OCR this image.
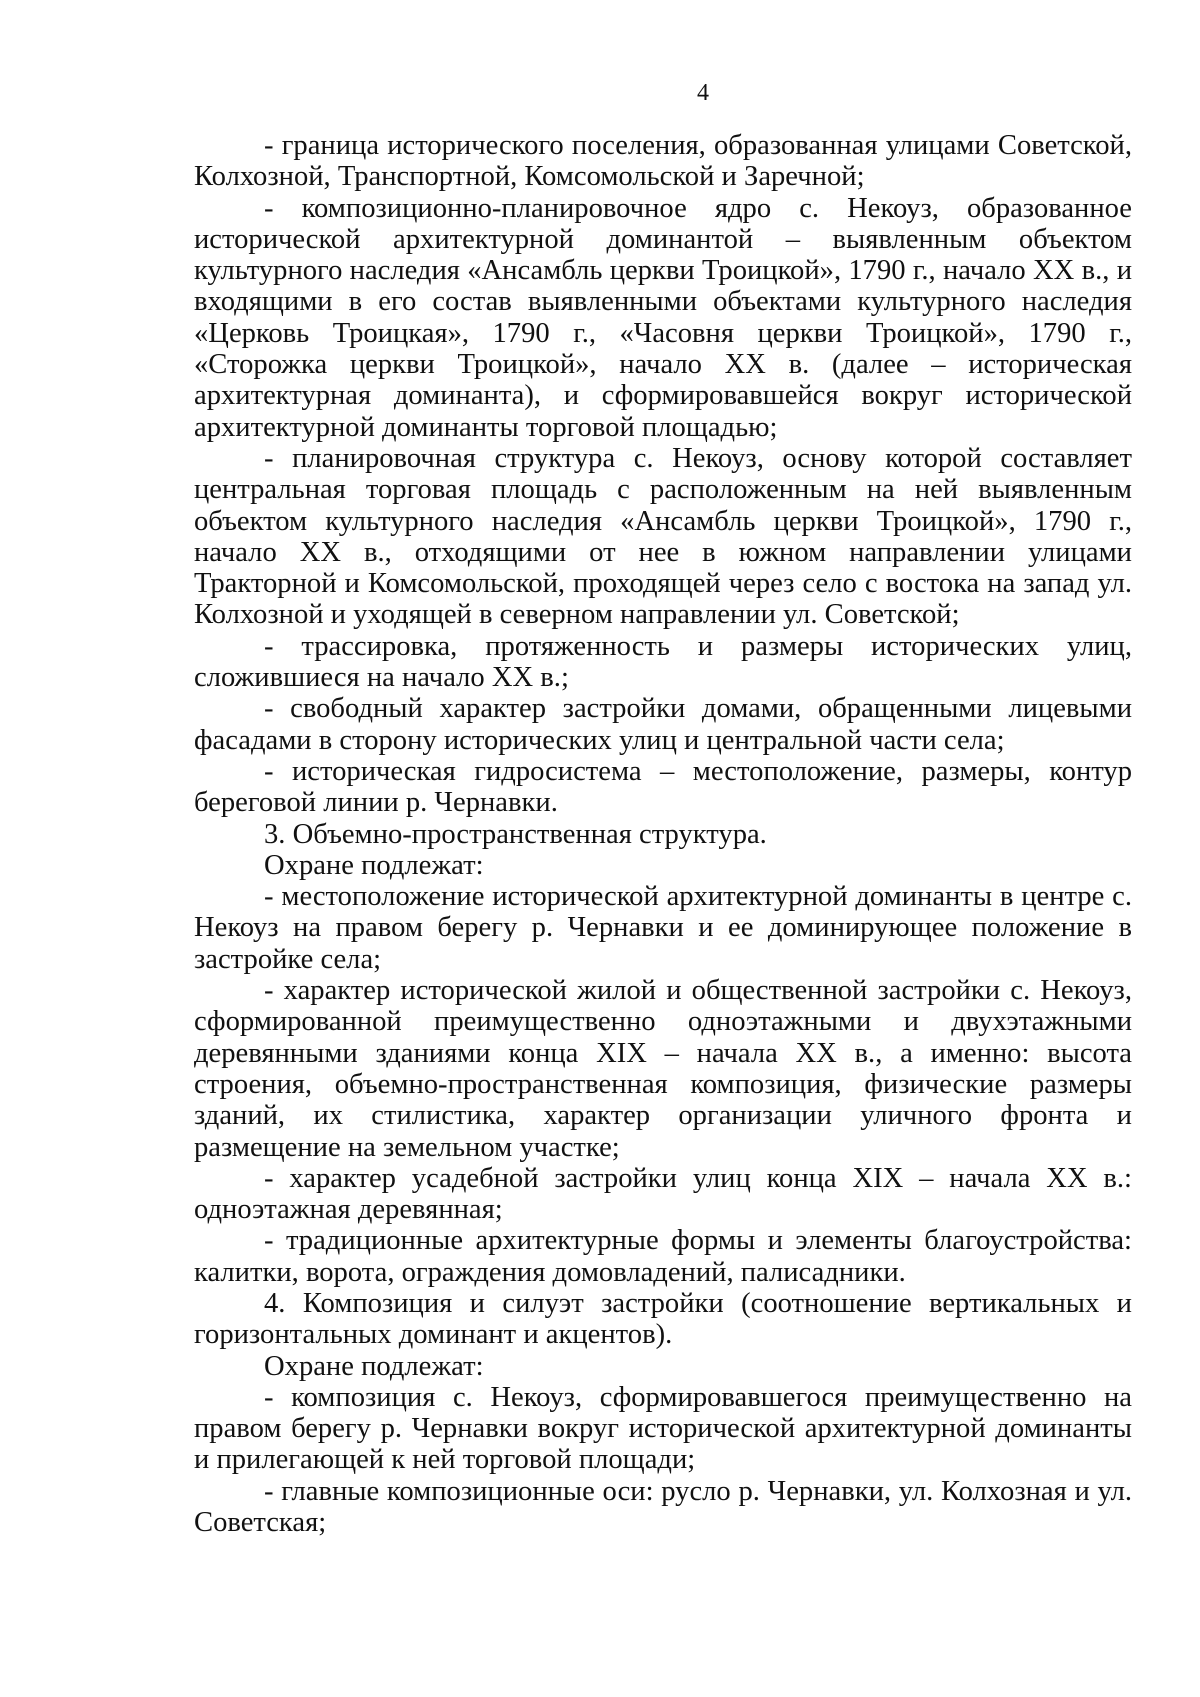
4

- граница исторического поселения, образованная улицами Советской, Колхозной, Транспортной, Комсомольской и Заречной;

- композиционно-планировочное ядро с. Некоуз, образованное исторической архитектурной доминантой – выявленным объектом культурного наследия «Ансамбль церкви Троицкой», 1790 г., начало XX в., и входящими в его состав выявленными объектами культурного наследия «Церковь Троицкая», 1790 г., «Часовня церкви Троицкой», 1790 г., «Сторожка церкви Троицкой», начало XX в. (далее – историческая архитектурная доминанта), и сформировавшейся вокруг исторической архитектурной доминанты торговой площадью;

- планировочная структура с. Некоуз, основу которой составляет центральная торговая площадь с расположенным на ней выявленным объектом культурного наследия «Ансамбль церкви Троицкой», 1790 г., начало XX в., отходящими от нее в южном направлении улицами Тракторной и Комсомольской, проходящей через село с востока на запад ул. Колхозной и уходящей в северном направлении ул. Советской;

- трассировка, протяженность и размеры исторических улиц, сложившиеся на начало XX в.;

- свободный характер застройки домами, обращенными лицевыми фасадами в сторону исторических улиц и центральной части села;

- историческая гидросистема – местоположение, размеры, контур береговой линии р. Чернавки.

3. Объемно-пространственная структура.

Охране подлежат:

- местоположение исторической архитектурной доминанты в центре с. Некоуз на правом берегу р. Чернавки и ее доминирующее положение в застройке села;

- характер исторической жилой и общественной застройки с. Некоуз, сформированной преимущественно одноэтажными и двухэтажными деревянными зданиями конца XIX – начала XX в., а именно: высота строения, объемно-пространственная композиция, физические размеры зданий, их стилистика, характер организации уличного фронта и размещение на земельном участке;

- характер усадебной застройки улиц конца XIX – начала XX в.: одноэтажная деревянная;

- традиционные архитектурные формы и элементы благоустройства: калитки, ворота, ограждения домовладений, палисадники.

4. Композиция и силуэт застройки (соотношение вертикальных и горизонтальных доминант и акцентов).

Охране подлежат:

- композиция с. Некоуз, сформировавшегося преимущественно на правом берегу р. Чернавки вокруг исторической архитектурной доминанты и прилегающей к ней торговой площади;

- главные композиционные оси: русло р. Чернавки, ул. Колхозная и ул. Советская;
